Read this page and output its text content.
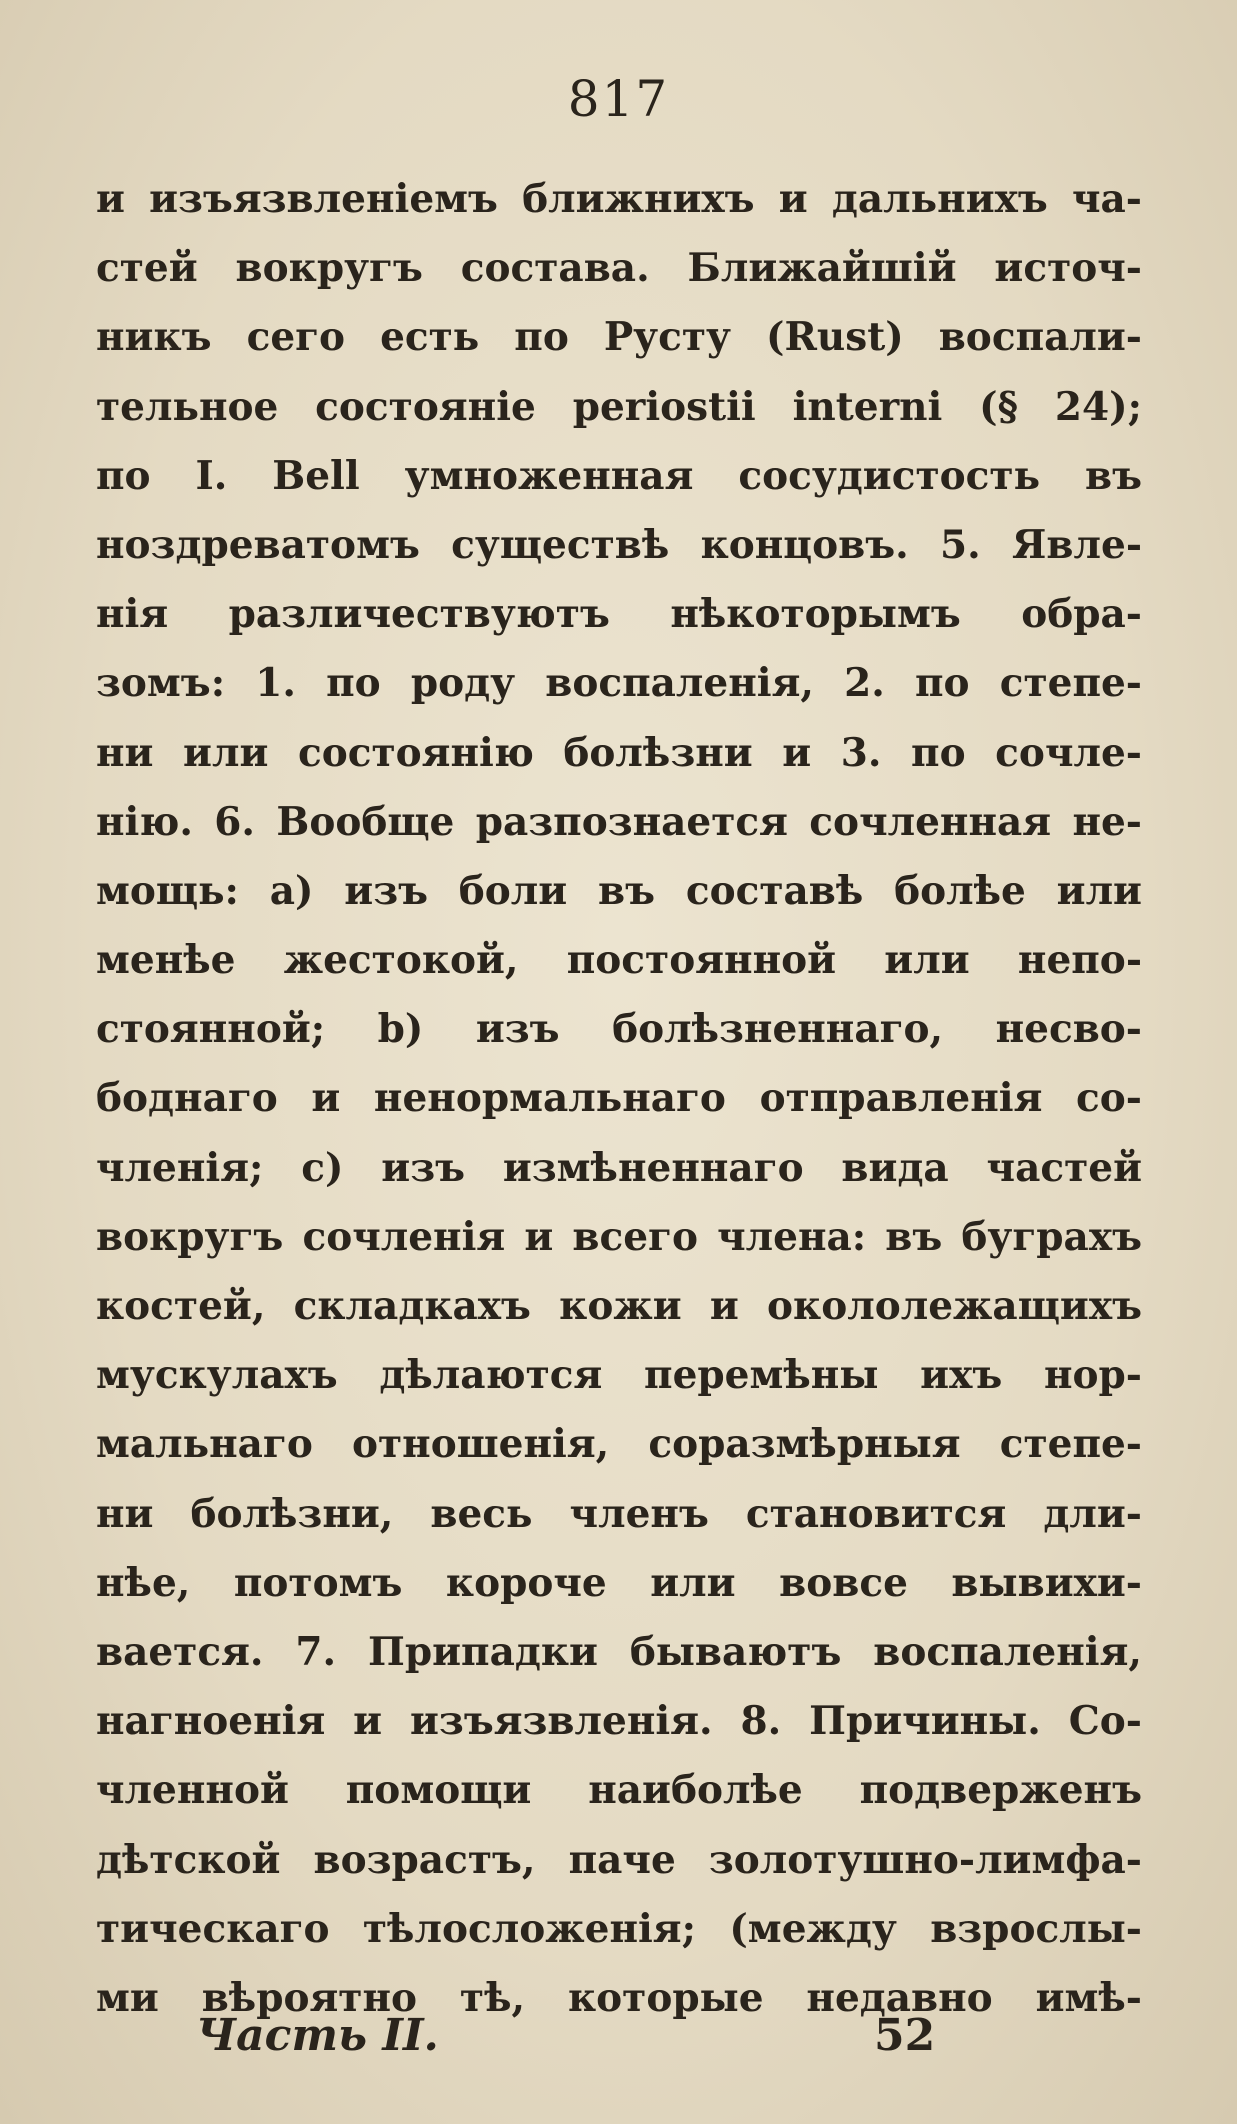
817
и изъязвленіемъ ближнихъ и дальнихъ ча-
стей вокругъ состава. Ближайшій источ-
никъ сего есть по Русту (Rust) воспали-
тельное состояніе periostii interni (§ 24);
по I. Bell умноженная сосудистость въ
ноздреватомъ существѣ концовъ. 5. Явле-
нія различествуютъ нѣкоторымъ обра-
зомъ: 1. по роду воспаленія, 2. по степе-
ни или состоянію болѣзни и 3. по сочле-
нію. 6. Вообще разпознается сочленная не-
мощь: a) изъ боли въ составѣ болѣе или
менѣе жестокой, постоянной или непо-
стоянной; b) изъ болѣзненнаго, несво-
боднаго и ненормальнаго отправленія со-
членія; c) изъ измѣненнаго вида частей
вокругъ сочленія и всего члена: въ буграхъ
костей, складкахъ кожи и окололежащихъ
мускулахъ дѣлаются перемѣны ихъ нор-
мальнаго отношенія, соразмѣрныя степе-
ни болѣзни, весь членъ становится дли-
нѣе, потомъ короче или вовсе вывихи-
вается. 7. Припадки бываютъ воспаленія,
нагноенія и изъязвленія. 8. Причины. Со-
членной помощи наиболѣе подверженъ
дѣтской возрастъ, паче золотушно-лимфа-
тическаго тѣлосложенія; (между взрослы-
ми вѣроятно тѣ, которые недавно имѣ-
Часть II.	52
